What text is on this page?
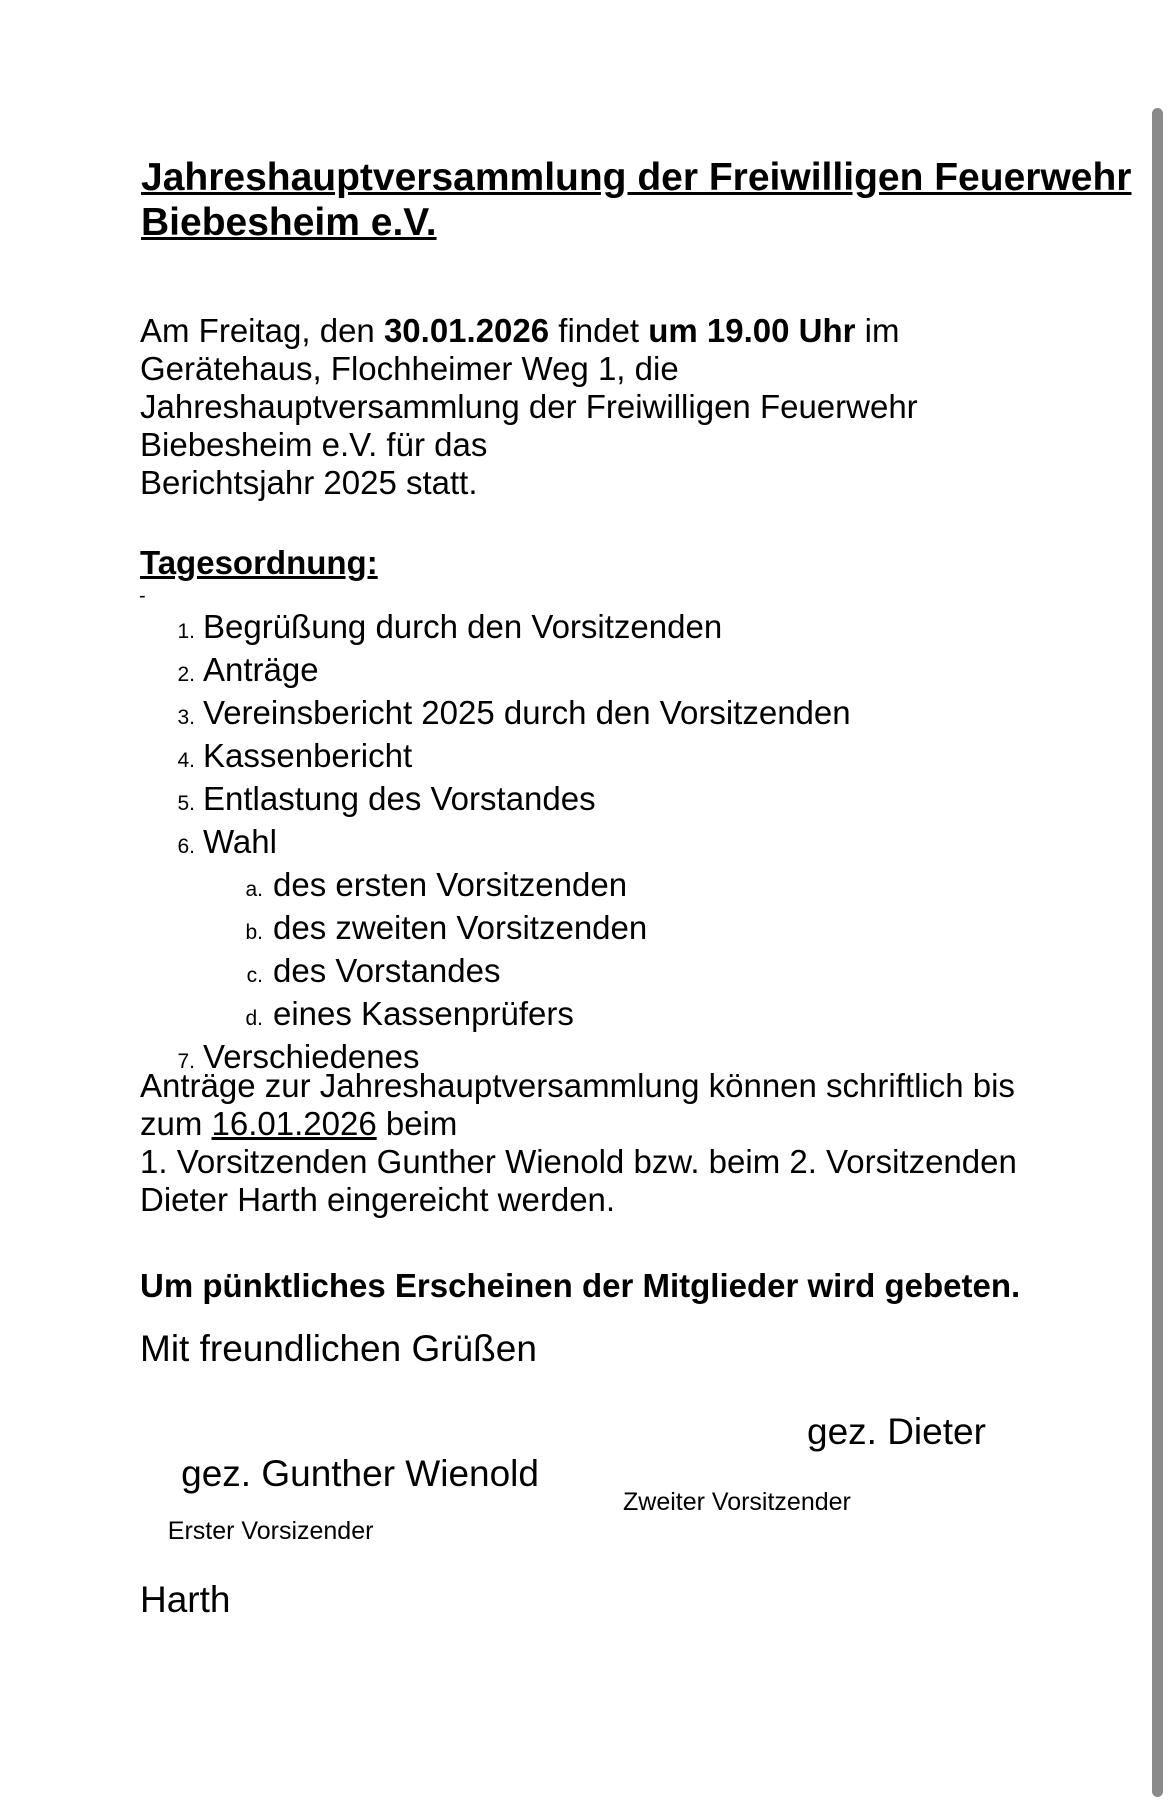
Jahreshauptversammlung der Freiwilligen Feuerwehr
Biebesheim e.V.
Am Freitag, den 30.01.2026 findet um 19.00 Uhr im
Gerätehaus, Flochheimer Weg 1, die
Jahreshauptversammlung der Freiwilligen Feuerwehr
Biebesheim e.V. für das
Berichtsjahr 2025 statt.
Tagesordnung:
-
1. Begrüßung durch den Vorsitzenden
2. Anträge
3. Vereinsbericht 2025 durch den Vorsitzenden
4. Kassenbericht
5. Entlastung des Vorstandes
6. Wahl
a. des ersten Vorsitzenden
b. des zweiten Vorsitzenden
c. des Vorstandes
d. eines Kassenprüfers
7. Verschiedenes
Anträge zur Jahreshauptversammlung können schriftlich bis
zum 16.01.2026 beim
1. Vorsitzenden Gunther Wienold bzw. beim 2. Vorsitzenden
Dieter Harth eingereicht werden.
Um pünktliches Erscheinen der Mitglieder wird gebeten.
Mit freundlichen Grüßen

gez. Gunther Wienold

gez. Dieter

Harth

Erster Vorsizender

Zweiter Vorsitzender
